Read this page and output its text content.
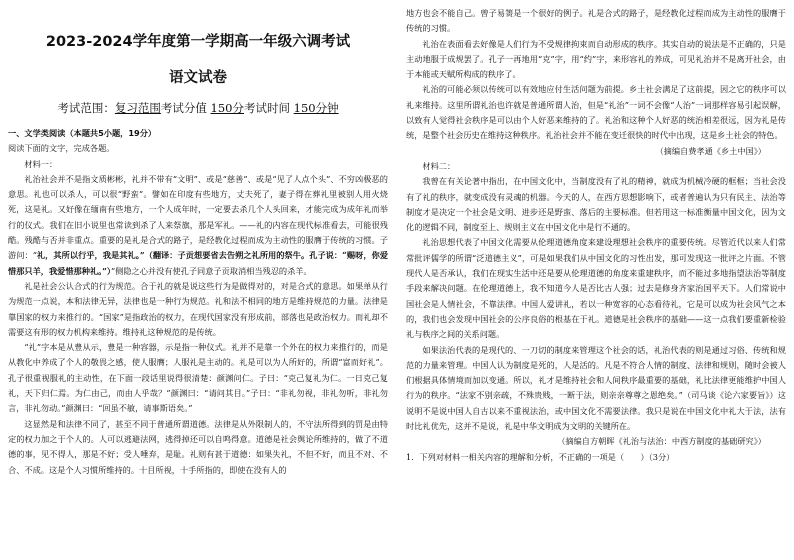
2023-2024学年度第一学期高一年级六调考试
语文试卷
考试范围：复习范围考试分值 150分考试时间 150分钟
一、文学类阅读（本题共5小题，19分）

阅读下面的文字，完成各题。

材料一：

礼治社会并不是指文质彬彬，礼并不带有“文明”、或是“慈善”、或是“见了人点个头”、不穷凶极恶的意思。礼也可以杀人，可以很“野蛮”。譬如在印度有些地方，丈夫死了，妻子得在葬礼里被别人用火烧死，这是礼。又好像在缅南有些地方，一个人成年时，一定要去杀几个人头回来，才能完成为成年礼而举行的仪式。我们在旧小说里也常读到杀了人来祭旗，那是军礼。——礼的内容在现代标准看去，可能很残酷。残酷与否并非重点。重要的是礼是合式的路子，是经教化过程而成为主动性的服膺于传统的习惯。子游问：“礼，其所以行乎，我是其礼。”（翻译：子贡想要省去告朔之礼所用的祭牛。孔子说：“赐呀，你爱惜那只羊，我爱惜那种礼。”）”侧隐之心并没有使孔子同意子贡取消相当残忍的杀羊。

礼是社会公认合式的行为规范。合于礼的就是说这些行为是做得对的，对是合式的意思。如果单从行为规范一点说，本和法律无异，法律也是一种行为规范。礼和法不相同的地方是维持规范的力量。法律是靠国家的权力来推行的。“国家”是指政治的权力，在现代国家没有形成前，部落也是政治权力。而礼却不需要这有形的权力机构来维持。维持礼这种规范的是传统。

“礼”字本是从豊从示，豊是一种容器，示是指一种仪式。礼并不是靠一个外在的权力来推行的，而是从教化中养成了个人的敬畏之感，使人服膺；人服礼是主动的。礼是可以为人所好的，所谓“富而好礼”。孔子很重视服礼的主动性，在下面一段话里说得很清楚：颜渊问仁。子曰：“克己复礼为仁。一日克己复礼，天下归仁焉。为仁由己，而由人乎哉？”颜渊曰：“请问其目。”子曰：“非礼勿视，非礼勿听，非礼勿言，非礼勿动。”颜渊曰：“回虽不敏，请事斯语矣。”

这显然是和法律不同了，甚至不同于普通所谓道德。法律是从外限制人的，不守法所得到的罚是由特定的权力加之于个人的。人可以逃避法网，逃得掉还可以自鸣得意。道德是社会舆论所维持的，做了不道德的事，见不得人，那是不好；受人唾弃，是耻。礼则有甚于道德：如果失礼，不但不好，而且不对、不合、不成。这是个人习惯所维持的。十目所视，十手所指的，即使在没有人的

地方也会不能自己。曾子易箦是一个很好的例子。礼是合式的路子，是经教化过程而成为主动性的服膺于传统的习惯。

礼治在表面看去好像是人们行为不受规律拘束而自动形成的秩序。其实自动的说法是不正确的，只是主动地服于成规罢了。孔子一再地用“克”字，用“约”字，来形容礼的养成，可见礼治并不是离开社会，由于本能或天赋所构成的秩序了。

礼治的可能必须以传统可以有效地应付生活问题为前提。乡土社会满足了这前提，因之它的秩序可以礼来维持。这里所谓礼治也许就是普通所谓人治，但是“礼治”一词不会像“人治”一词那样容易引起误解，以致有人觉得社会秩序是可以由个人好恶来维持的了。礼治和这种个人好恶的统治相差很远，因为礼是传统，是整个社会历史在维持这种秩序。礼治社会并不能在变迁很快的时代中出现，这是乡土社会的特色。

（摘编自费孝通《乡土中国》）

材料二：

我曾在有关论著中指出，在中国文化中，当制度没有了礼的精神，就成为机械冷硬的框框；当社会没有了礼的秩序，就变成没有灵魂的机器。今天的人，在西方思想影响下，或者普遍认为只有民主、法治等制度才是决定一个社会是文明、进步还是野蛮、落后的主要标准。但若用这一标准衡量中国文化，因为文化的逻辑不同，制度至上、规则主义在中国文化中是行不通的。

礼治思想代表了中国文化需要从伦理道德角度来建设理想社会秩序的重要传统。尽管近代以来人们常常批评儒学的所谓“泛道德主义”，可是如果我们从中国文化的习性出发，那可发现这一批评之片面。不管现代人是否承认，我们在现实生活中还是要从伦理道德的角度来重建秩序，而不能过多地指望法治等制度手段来解决问题。在伦理道德上，我不知道今人是否比古人强；过去是修身齐家治国平天下。人们常说中国社会是人情社会，不靠法律。中国人爱讲礼，若以一种宽容的心态看待礼，它是可以成为社会风气之本的，我们也会发现中国社会的公序良俗的根基在于礼。道德是社会秩序的基础——这一点我们要重新检验礼与秩序之间的关系问题。

如果法治代表的是现代的、一刀切的制度来管理这个社会的话，礼治代表的则是通过习俗、传统和规范的力量来管理。中国人认为制度是死的，人是活的。凡是不符合人情的制度、法律和规则，随时会被人们根据具体情境而加以变通。所以，礼才是维持社会和人间秩序最重要的基础，礼比法律更能维护中国人行为的秩序。“法家不别亲疏，不殊贵贱，一断于法，则亲亲尊尊之恩绝矣。”（司马谈《论六家要旨》）这说明不是说中国人自古以来不重视法治，或中国文化不需要法律。我只是说在中国文化中礼大于法，法有时比礼优先，这并不是说，礼是中华文明成为文明的关键所在。

（摘编自方朝晖《礼治与法治：中西方制度的基础研究》）

1．下列对材料一相关内容的理解和分析，不正确的一项是（　　）（3分）
